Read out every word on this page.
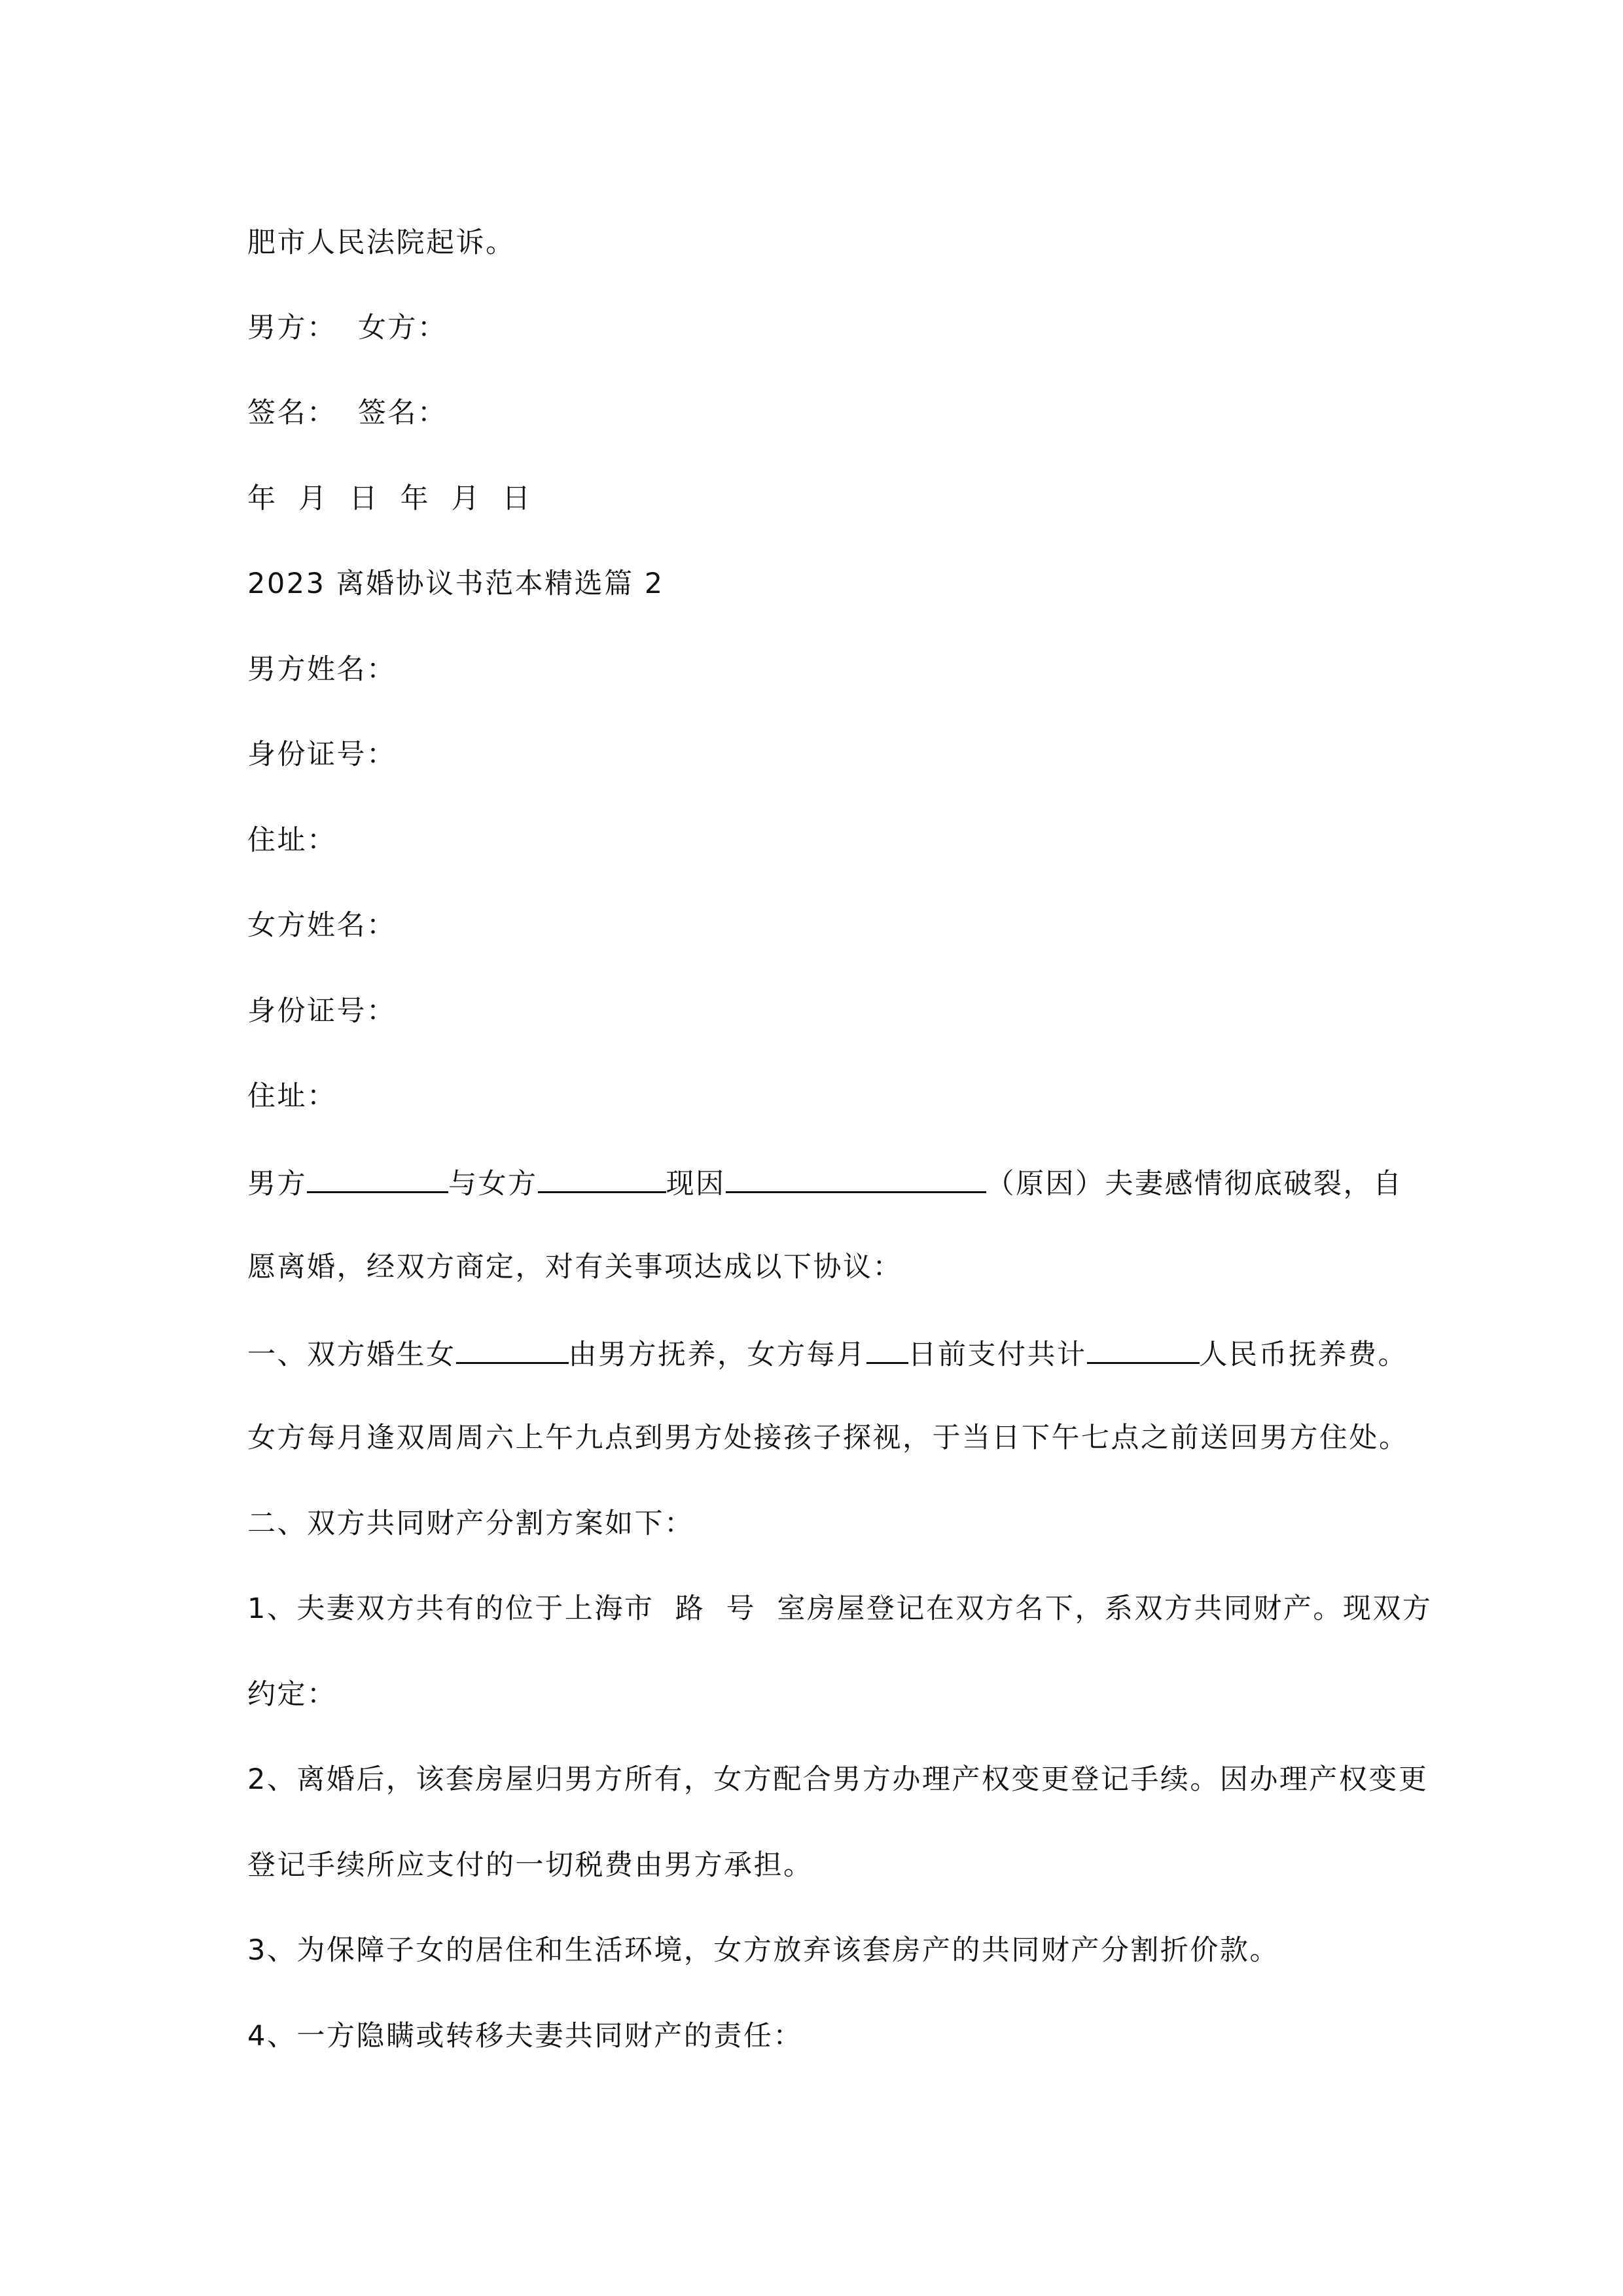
肥市人民法院起诉。
男方：  女方：
签名：  签名：
年  月  日  年  月  日
2023 离婚协议书范本精选篇 2
男方姓名：
身份证号：
住址：
女方姓名：
身份证号：
住址：
男方	与女方	现因	（原因）夫妻感情彻底破裂，自
愿离婚，经双方商定，对有关事项达成以下协议：
一、双方婚生女	由男方抚养，女方每月 日前支付共计	人民币抚养费。
女方每月逢双周周六上午九点到男方处接孩子探视，于当日下午七点之前送回男方住处。
二、双方共同财产分割方案如下：
1、夫妻双方共有的位于上海市  路  号  室房屋登记在双方名下，系双方共同财产。现双方
约定：
2、离婚后，该套房屋归男方所有，女方配合男方办理产权变更登记手续。因办理产权变更
登记手续所应支付的一切税费由男方承担。
3、为保障子女的居住和生活环境，女方放弃该套房产的共同财产分割折价款。
4、一方隐瞒或转移夫妻共同财产的责任：
